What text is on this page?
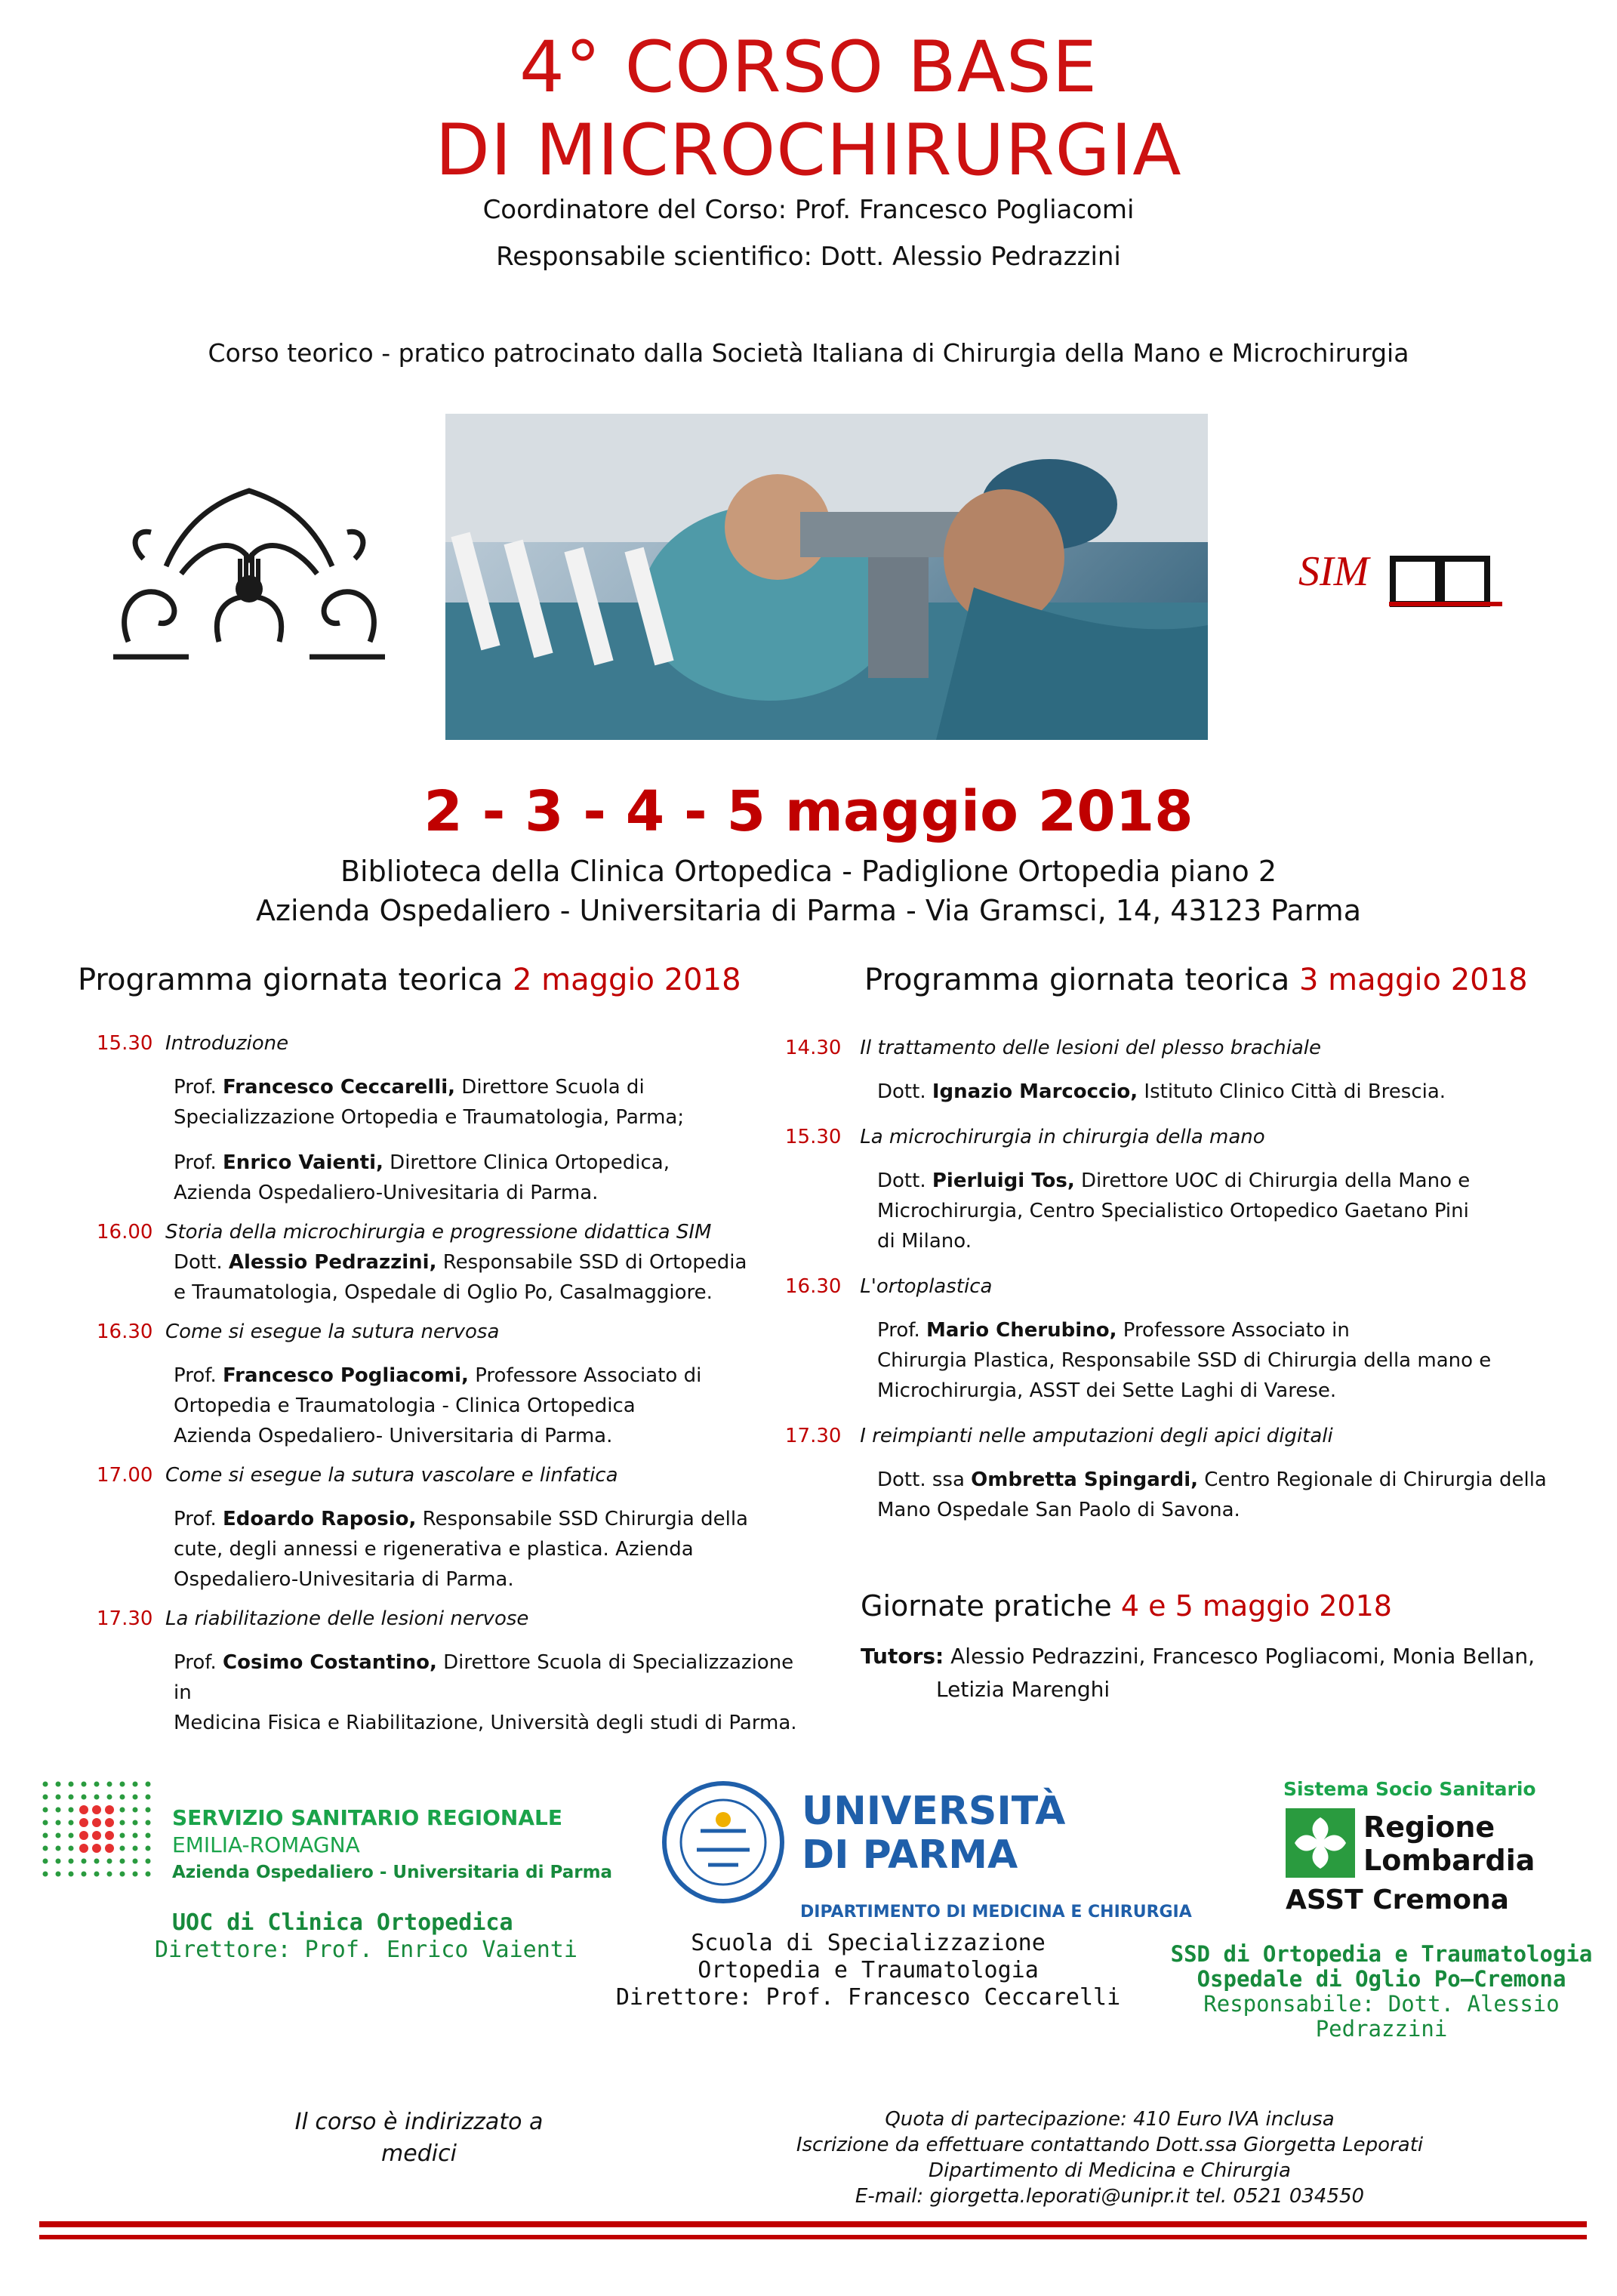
4° CORSO BASE
DI MICROCHIRURGIA
Coordinatore del Corso: Prof. Francesco Pogliacomi
Responsabile scientifico: Dott. Alessio Pedrazzini
Corso teorico - pratico patrocinato dalla Società Italiana di Chirurgia della Mano e Microchirurgia
SIM
2 - 3 - 4 - 5 maggio 2018
Biblioteca della Clinica Ortopedica - Padiglione Ortopedia piano 2
Azienda Ospedaliero - Universitaria di Parma - Via Gramsci, 14, 43123 Parma
Programma giornata teorica 2 maggio 2018
15.30 Introduzione
Prof. Francesco Ceccarelli, Direttore Scuola di
Specializzazione Ortopedia e Traumatologia, Parma;
Prof. Enrico Vaienti, Direttore Clinica Ortopedica,
Azienda Ospedaliero-Univesitaria di Parma.
16.00 Storia della microchirurgia e progressione didattica SIM
Dott. Alessio Pedrazzini, Responsabile SSD di Ortopedia
e Traumatologia, Ospedale di Oglio Po, Casalmaggiore.
16.30 Come si esegue la sutura nervosa
Prof. Francesco Pogliacomi, Professore Associato di
Ortopedia e Traumatologia - Clinica Ortopedica
Azienda Ospedaliero- Universitaria di Parma.
17.00 Come si esegue la sutura vascolare e linfatica
Prof. Edoardo Raposio, Responsabile SSD Chirurgia della
cute, degli annessi e rigenerativa e plastica. Azienda
Ospedaliero-Univesitaria di Parma.
17.30 La riabilitazione delle lesioni nervose
Prof. Cosimo Costantino, Direttore Scuola di Specializzazione in
Medicina Fisica e Riabilitazione, Università degli studi di Parma.
Programma giornata teorica 3 maggio 2018
14.30 Il trattamento delle lesioni del plesso brachiale
Dott. Ignazio Marcoccio, Istituto Clinico Città di Brescia.
15.30 La microchirurgia in chirurgia della mano
Dott. Pierluigi Tos, Direttore UOC di Chirurgia della Mano e
Microchirurgia, Centro Specialistico Ortopedico Gaetano Pini
di Milano.
16.30 L'ortoplastica
Prof. Mario Cherubino, Professore Associato in
Chirurgia Plastica, Responsabile SSD di Chirurgia della mano e
Microchirurgia, ASST dei Sette Laghi di Varese.
17.30 I reimpianti nelle amputazioni degli apici digitali
Dott. ssa Ombretta Spingardi, Centro Regionale di Chirurgia della
Mano Ospedale San Paolo di Savona.
Giornate pratiche 4 e 5 maggio 2018
Tutors: Alessio Pedrazzini, Francesco Pogliacomi, Monia Bellan,
Letizia Marenghi
SERVIZIO SANITARIO REGIONALE
EMILIA-ROMAGNA
Azienda Ospedaliero - Universitaria di Parma
UOC di Clinica Ortopedica
Direttore: Prof. Enrico Vaienti
UNIVERSITÀ
DI PARMA
DIPARTIMENTO DI MEDICINA E CHIRURGIA
Scuola di Specializzazione
Ortopedia e Traumatologia
Direttore: Prof. Francesco Ceccarelli
Sistema Socio Sanitario
Regione
Lombardia
ASST Cremona
SSD di Ortopedia e Traumatologia
Ospedale di Oglio Po—Cremona
Responsabile: Dott. Alessio Pedrazzini
Il corso è indirizzato a
medici
Quota di partecipazione: 410 Euro IVA inclusa
Iscrizione da effettuare contattando Dott.ssa Giorgetta Leporati
Dipartimento di Medicina e Chirurgia
E-mail: giorgetta.leporati@unipr.it tel. 0521 034550
